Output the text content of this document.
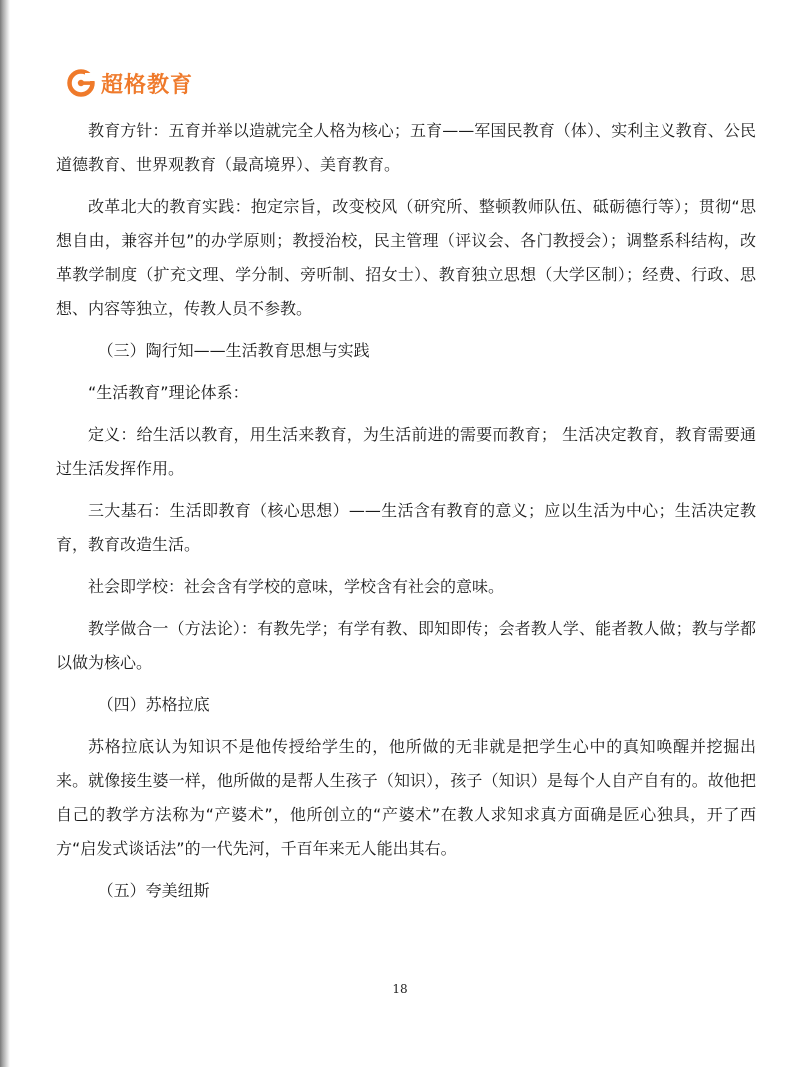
超格教育

教育方针：五育并举以造就完全人格为核心；五育——军国民教育（体）、实利主义教育、公民道德教育、世界观教育（最高境界）、美育教育。

改革北大的教育实践：抱定宗旨，改变校风（研究所、整顿教师队伍、砥砺德行等）；贯彻“思想自由，兼容并包”的办学原则；教授治校，民主管理（评议会、各门教授会）；调整系科结构，改革教学制度（扩充文理、学分制、旁听制、招女士）、教育独立思想（大学区制）；经费、行政、思想、内容等独立，传教人员不参教。

（三）陶行知——生活教育思想与实践

“生活教育”理论体系：

定义：给生活以教育，用生活来教育，为生活前进的需要而教育； 生活决定教育，教育需要通过生活发挥作用。

三大基石：生活即教育（核心思想）——生活含有教育的意义；应以生活为中心；生活决定教育，教育改造生活。

社会即学校：社会含有学校的意味，学校含有社会的意味。

教学做合一（方法论）：有教先学；有学有教、即知即传；会者教人学、能者教人做；教与学都以做为核心。

（四）苏格拉底

苏格拉底认为知识不是他传授给学生的，他所做的无非就是把学生心中的真知唤醒并挖掘出来。就像接生婆一样，他所做的是帮人生孩子（知识），孩子（知识）是每个人自产自有的。故他把自己的教学方法称为“产婆术”，他所创立的“产婆术”在教人求知求真方面确是匠心独具，开了西方“启发式谈话法”的一代先河，千百年来无人能出其右。

（五）夸美纽斯

18
